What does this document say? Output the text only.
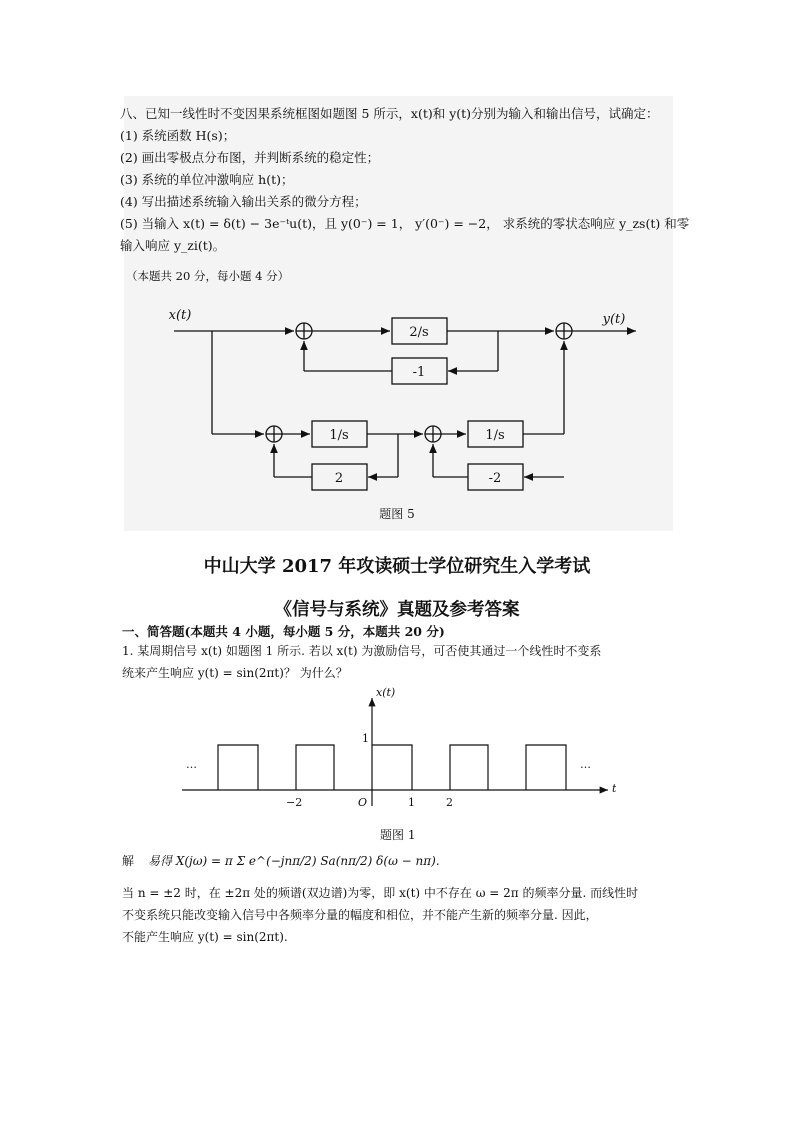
八、已知一线性时不变因果系统框图如题图 5 所示，x(t)和 y(t)分别为输入和输出信号，试确定：
(1) 系统函数 H(s)；
(2) 画出零极点分布图，并判断系统的稳定性；
(3) 系统的单位冲激响应 h(t)；
(4) 写出描述系统输入输出关系的微分方程；
(5) 当输入 x(t) = δ(t) − 3e⁻ᵗu(t)，且 y(0⁻) = 1， y′(0⁻) = −2， 求系统的零状态响应 y_zs(t) 和零
输入响应 y_zi(t)。
（本题共 20 分，每小题 4 分）
x(t)	y(t)
2/s
-1
1/s
2
1/s
-2
题图 5
中山大学 2017 年攻读硕士学位研究生入学考试
《信号与系统》真题及参考答案
一、简答题(本题共 4 小题，每小题 5 分，本题共 20 分)
1. 某周期信号 x(t) 如题图 1 所示. 若以 x(t) 为激励信号，可否使其通过一个线性时不变系
统来产生响应 y(t) = sin(2πt)？ 为什么？
x(t)
t
1
…	…
−2	O	1	2
题图 1
解 易得 X(jω) = π Σ e^(−jnπ/2) Sa(nπ/2) δ(ω − nπ).
当 n = ±2 时，在 ±2π 处的频谱(双边谱)为零，即 x(t) 中不存在 ω = 2π 的频率分量. 而线性时
不变系统只能改变输入信号中各频率分量的幅度和相位，并不能产生新的频率分量. 因此，
不能产生响应 y(t) = sin(2πt).
